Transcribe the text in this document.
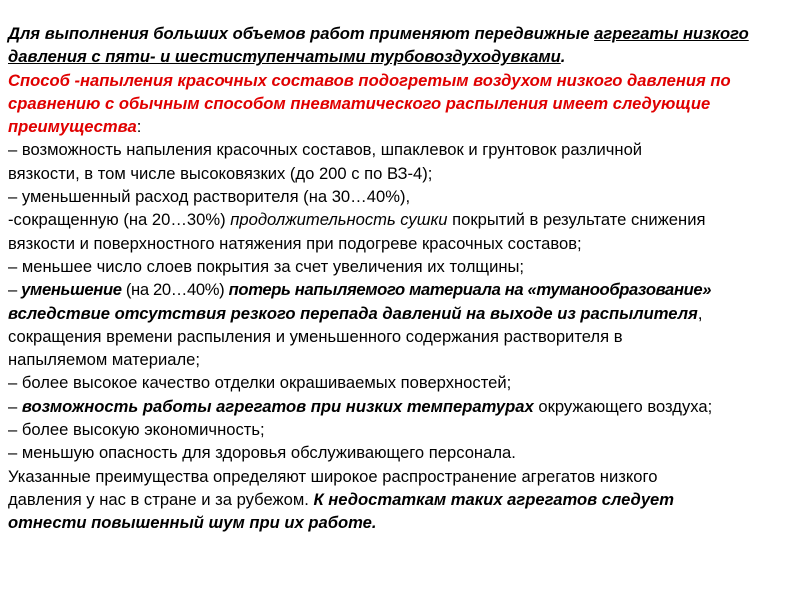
Для выполнения больших объемов работ применяют передвижные агрегаты низкого
давления с пяти- и шестиступенчатыми турбовоздуходувками.
Способ -напыления красочных составов подогретым воздухом низкого давления по
сравнению с обычным способом пневматического распыления имеет следующие
преимущества:
– возможность напыления красочных составов, шпаклевок и грунтовок различной
вязкости, в том числе высоковязких (до 200 с по ВЗ-4);
– уменьшенный расход растворителя (на 30…40%),
-сокращенную (на 20…30%) продолжительность сушки покрытий в результате снижения
вязкости и поверхностного натяжения при подогреве красочных составов;
– меньшее число слоев покрытия за счет увеличения их толщины;
– уменьшение (на 20…40%) потерь напыляемого материала на «туманообразование»
вследствие отсутствия резкого перепада давлений на выходе из распылителя,
сокращения времени распыления и уменьшенного содержания растворителя в
напыляемом материале;
– более высокое качество отделки окрашиваемых поверхностей;
– возможность работы агрегатов при низких температурах окружающего воздуха;
– более высокую экономичность;
– меньшую опасность для здоровья обслуживающего персонала.
Указанные преимущества определяют широкое распространение агрегатов низкого
давления у нас в стране и за рубежом. К недостаткам таких агрегатов следует
отнести повышенный шум при их работе.
